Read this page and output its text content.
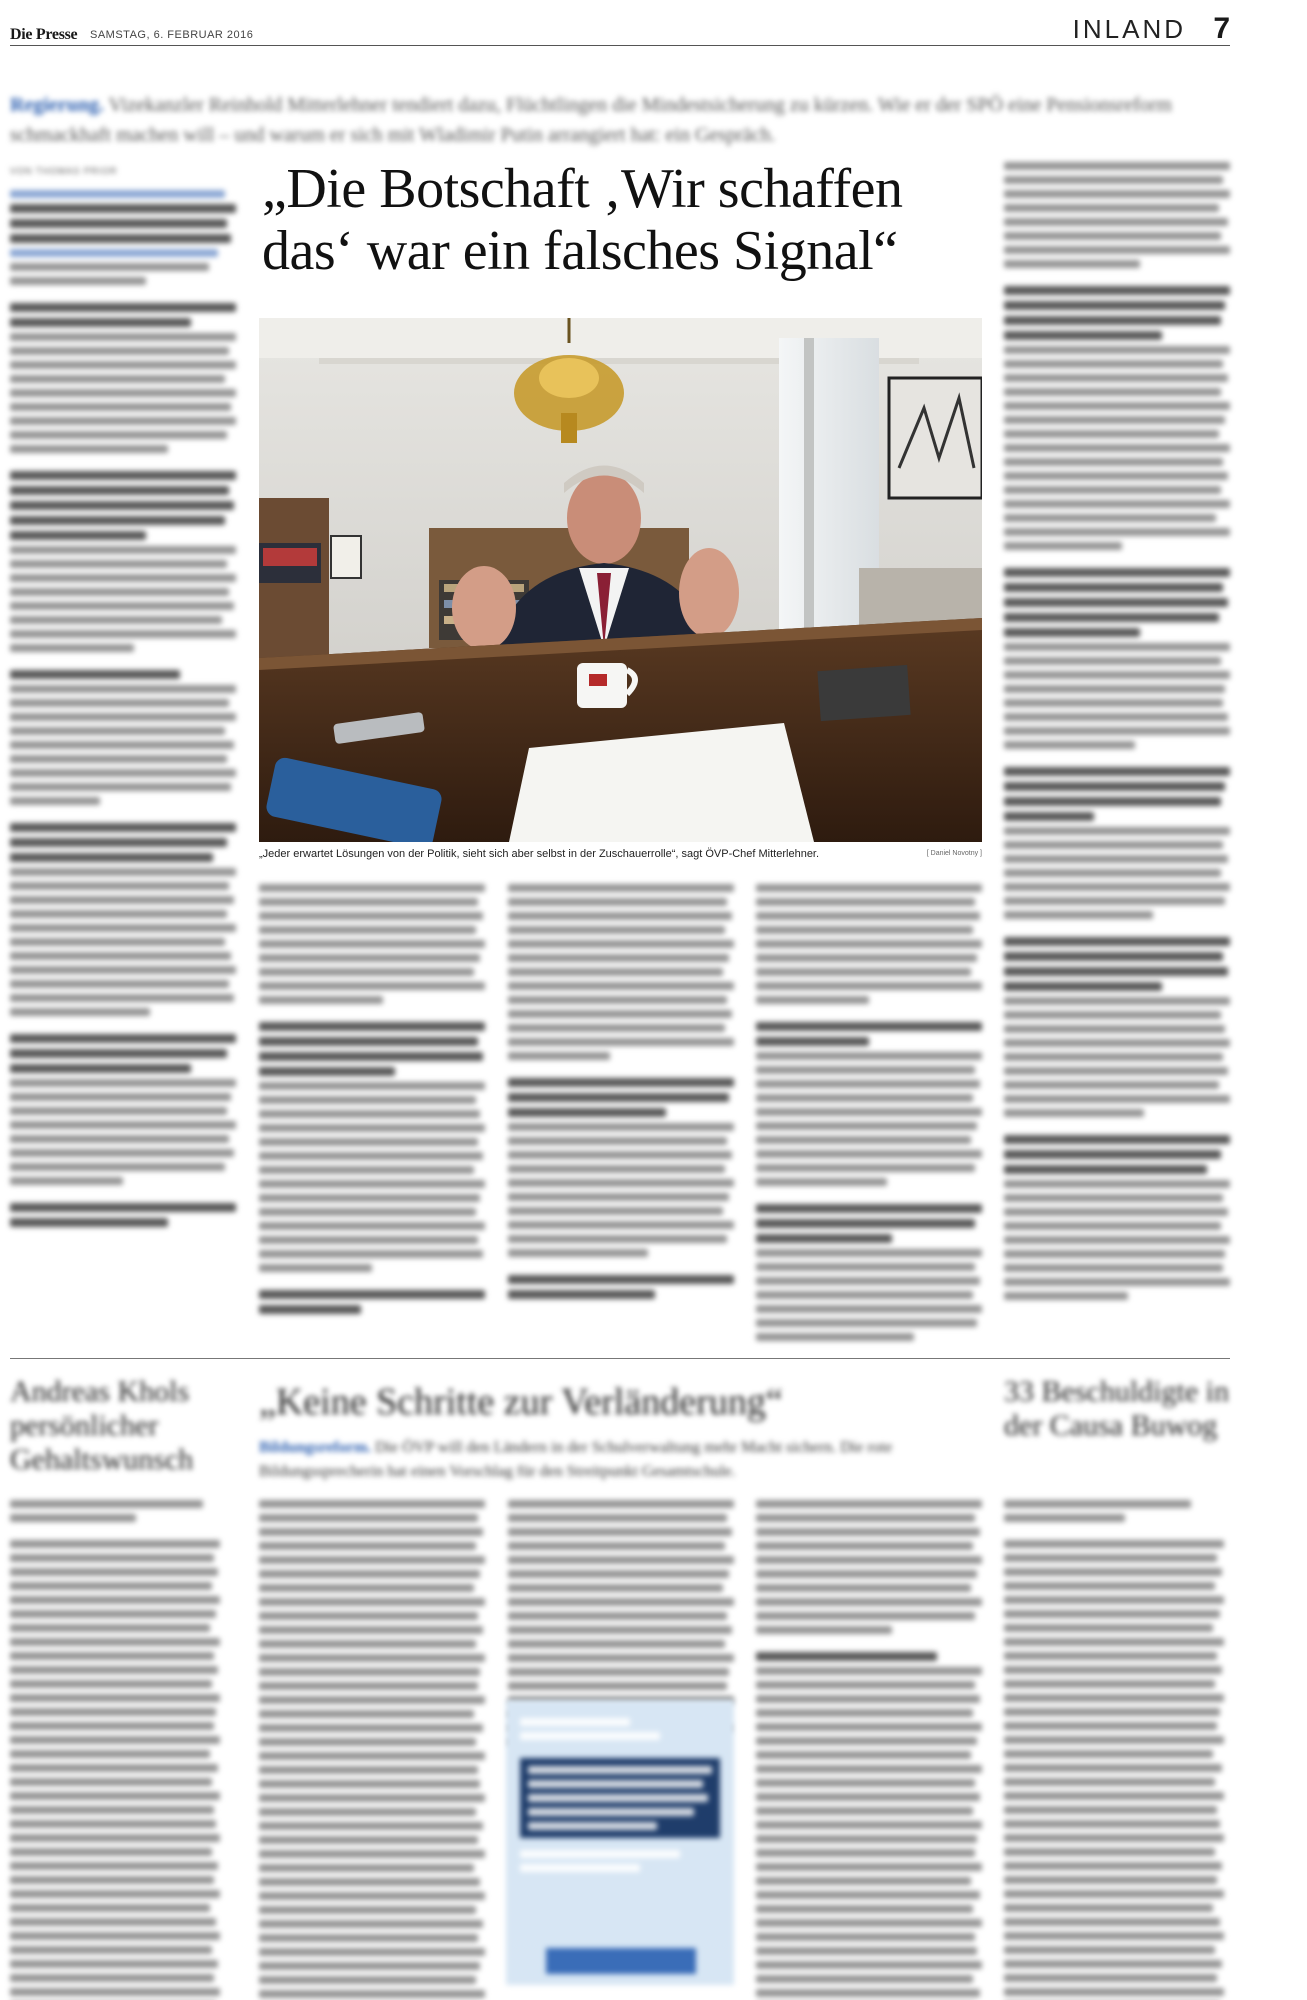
Die Presse SAMSTAG, 6. FEBRUAR 2016	INLAND 7
Regierung. Vizekanzler Reinhold Mitterlehner tendiert dazu, Flüchtlingen die Mindestsicherung zu kürzen. Wie er der SPÖ eine Pensionsreform schmackhaft machen will – und warum er sich mit Wladimir Putin arrangiert hat: ein Gespräch.
VON THOMAS PRIOR	„Die Botschaft ‚Wir schaffen
das‘ war ein falsches Signal“
„Jeder erwartet Lösungen von der Politik, sieht sich aber selbst in der Zuschauerrolle“, sagt ÖVP-Chef Mitterlehner.	[ Daniel Novotny ]
Andreas Khols persönlicher Gehaltswunsch
„Keine Schritte zur Verländerung“
Bildungsreform. Die ÖVP will den Ländern in der Schulverwaltung mehr Macht sichern. Die rote Bildungssprecherin hat einen Vorschlag für den Streitpunkt Gesamtschule.
33 Beschuldigte in der Causa Buwog
